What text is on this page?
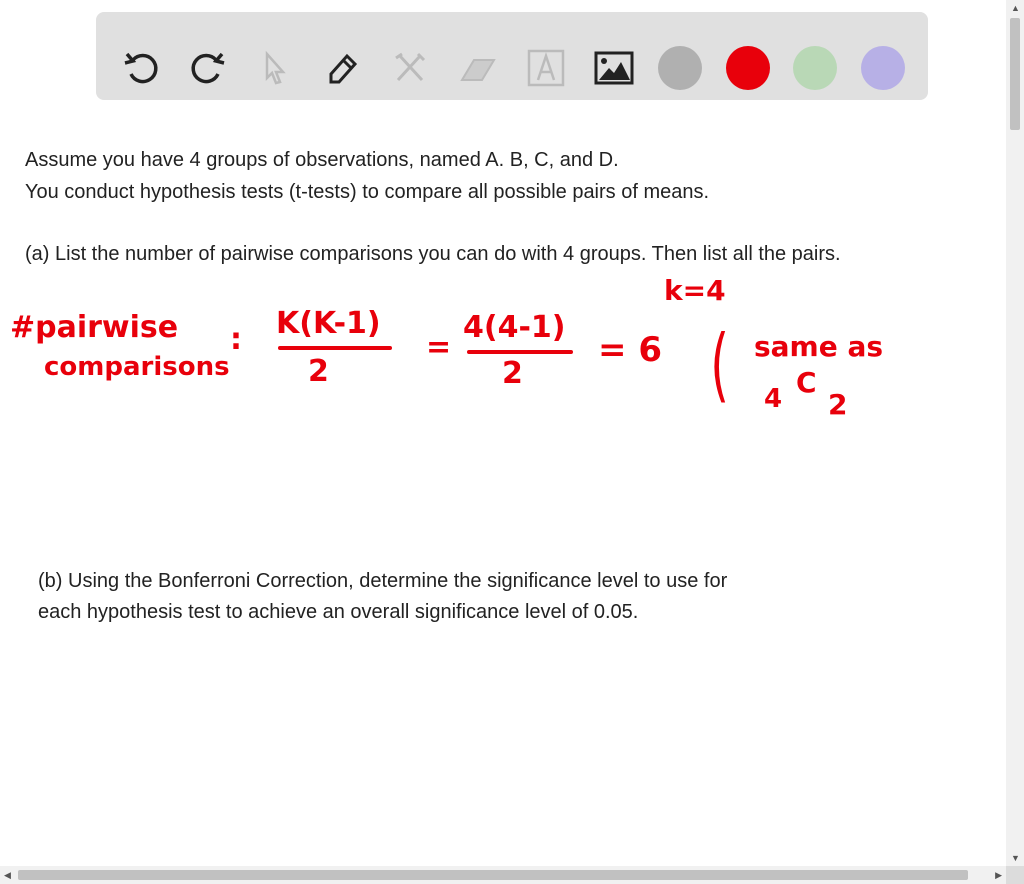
Assume you have 4 groups of observations, named A. B, C, and D.
You conduct hypothesis tests (t-tests) to compare all possible pairs of means.
(a) List the number of pairwise comparisons you can do with 4 groups. Then list all the pairs.
(b) Using the Bonferroni Correction, determine the significance level to use for
each hypothesis test to achieve an overall significance level of 0.05.
k=4
#pairwise
comparisons
: K(K-1)
2
=
4(4-1)
2
= 6 ( same as
4 C
2
▲
▼
◀	▶
